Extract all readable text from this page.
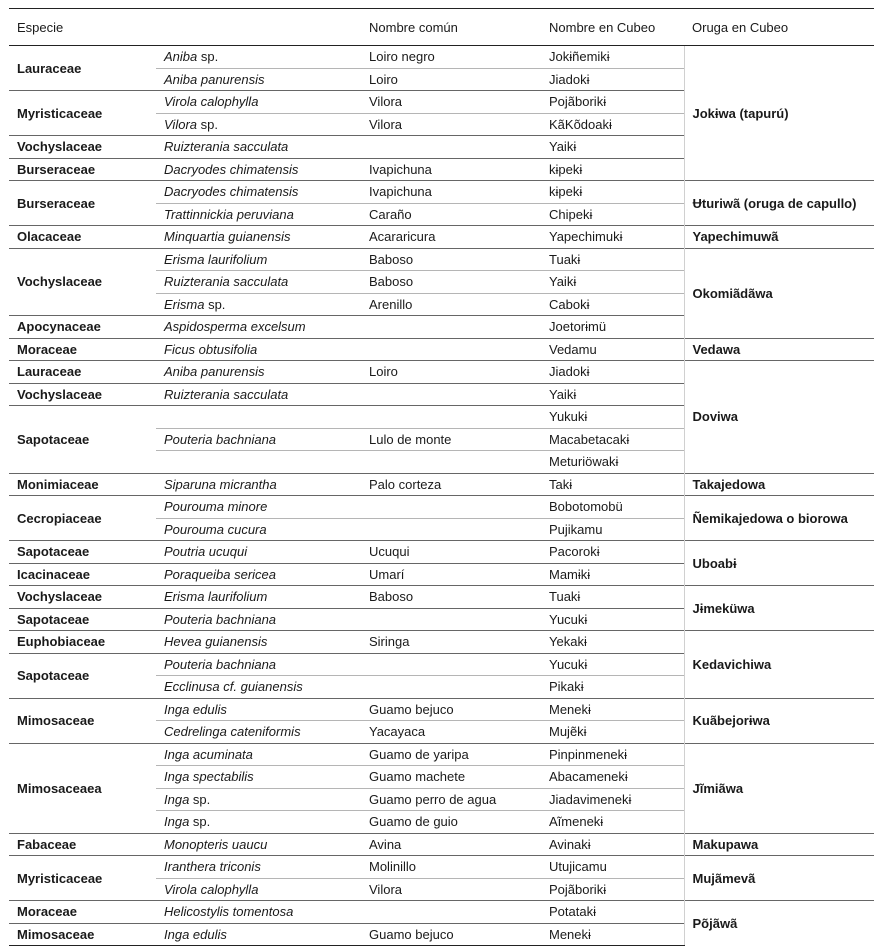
Especie		Nombre común	Nombre en Cubeo	Oruga en Cubeo
Lauraceae	Aniba sp.	Loiro negro	Jokɨñemikɨ	Jokɨwa (tapurú)
	Aniba panurensis	Loiro	Jiadokɨ	
Myristicaceae	Virola calophylla	Vilora	Pojãborikɨ	
	Vilora sp.	Vilora	KãKõdoakɨ	
Vochyslaceae	Ruizterania sacculata		Yaikɨ	
Burseraceae	Dacryodes chimatensis	Ivapichuna	kɨpekɨ	
Burseraceae	Dacryodes chimatensis	Ivapichuna	kɨpekɨ	Ʉturiwã (oruga de capullo)
	Trattinnickia peruviana	Caraño	Chipekɨ	
Olacaceae	Minquartia guianensis	Acararicura	Yapechimukɨ	Yapechimuwã
Vochyslaceae	Erisma laurifolium	Baboso	Tuakɨ	Okomiãdãwa
	Ruizterania sacculata	Baboso	Yaikɨ	
	Erisma sp.	Arenillo	Cabokɨ	
Apocynaceae	Aspidosperma excelsum		Joetorɨmü	
Moraceae	Ficus obtusifolia		Vedamu	Vedawa
Lauraceae	Aniba panurensis	Loiro	Jiadokɨ	Doviwa
Vochyslaceae	Ruizterania sacculata		Yaikɨ	
Sapotaceae			Yukukɨ	
	Pouteria bachniana	Lulo de monte	Macabetacakɨ	
			Meturiöwakɨ	
Monimiaceae	Siparuna micrantha	Palo corteza	Takɨ	Takajedowa
Cecropiaceae	Pourouma minore		Bobotomobü	Ñemikajedowa o biorowa
	Pourouma cucura		Pujikamu	
Sapotaceae	Poutria ucuqui	Ucuqui	Pacorokɨ	Uboabɨ
Icacinaceae	Poraqueiba sericea	Umarí	Mamɨkɨ	
Vochyslaceae	Erisma laurifolium	Baboso	Tuakɨ	Jɨmeküwa
Sapotaceae	Pouteria bachniana		Yucukɨ	
Euphobiaceae	Hevea guianensis	Siringa	Yekakɨ	Kedavichiwa
Sapotaceae	Pouteria bachniana		Yucukɨ	
	Ecclinusa cf. guianensis		Pikakɨ	
Mimosaceae	Inga edulis	Guamo bejuco	Menekɨ	Kuãbejorɨwa
	Cedrelinga cateniformis	Yacayaca	Mujẽkɨ	
Mimosaceaea	Inga acuminata	Guamo de yaripa	Pinpinmenekɨ	Jĩmiãwa
	Inga spectabilis	Guamo machete	Abacamenekɨ	
	Inga sp.	Guamo perro de agua	Jiadavimenekɨ	
	Inga sp.	Guamo de guio	Aĩmenekɨ	
Fabaceae	Monopteris uaucu	Avina	Avinakɨ	Makupawa
Myristicaceae	Iranthera triconis	Molinillo	Utujicamu	Mujãmevã
	Virola calophylla	Vilora	Pojãborikɨ	
Moraceae	Helicostylis tomentosa		Potatakɨ	Põjãwã
Mimosaceae	Inga edulis	Guamo bejuco	Menekɨ	
